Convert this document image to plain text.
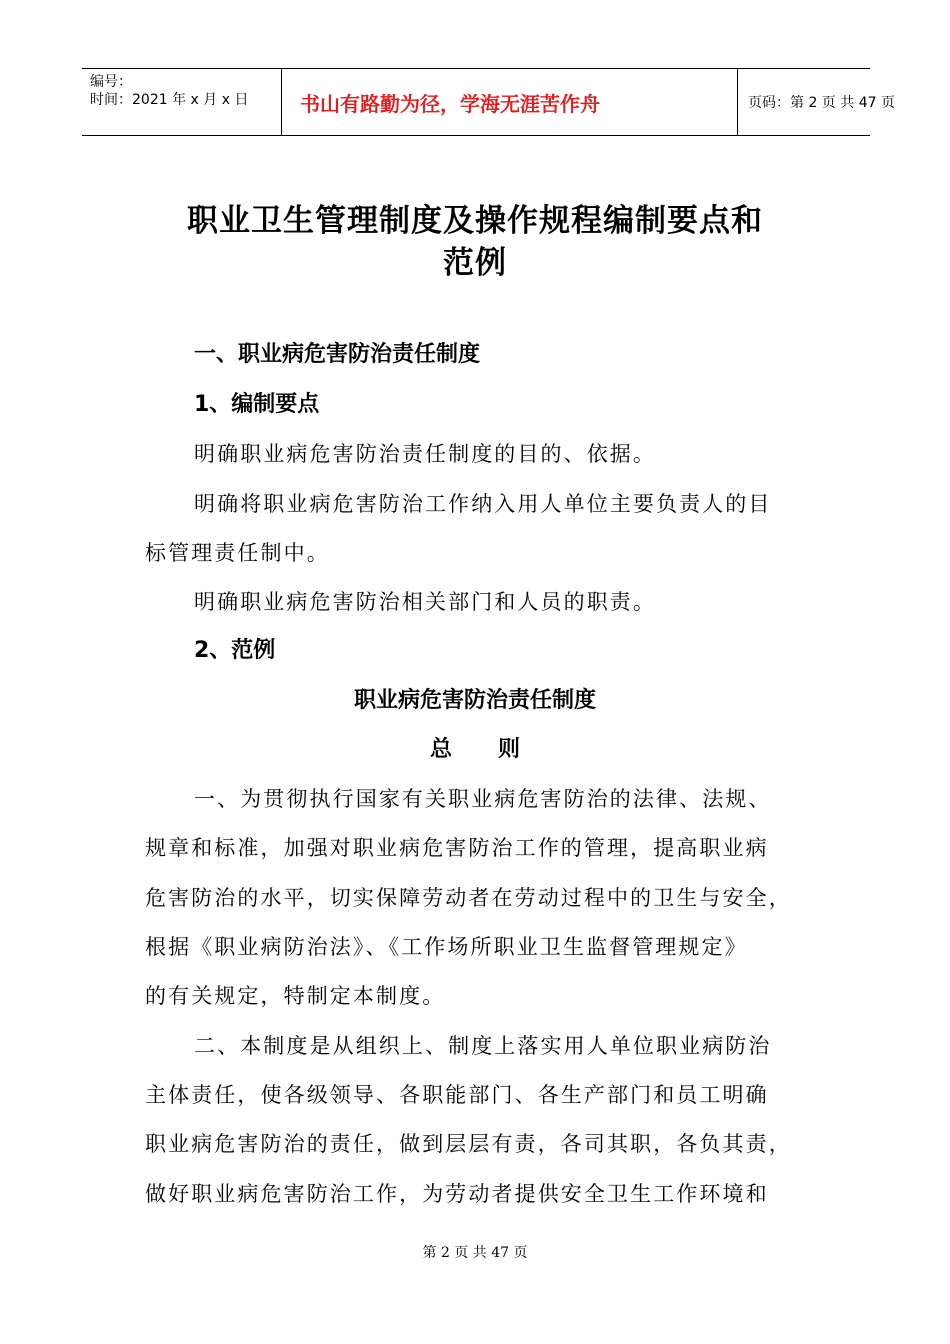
编号：
时间：2021 年 x 月 x 日	书山有路勤为径，学海无涯苦作舟	页码：第 2 页 共 47 页
职业卫生管理制度及操作规程编制要点和
范例
一、职业病危害防治责任制度
1、编制要点
明确职业病危害防治责任制度的目的、依据。
明确将职业病危害防治工作纳入用人单位主要负责人的目
标管理责任制中。
明确职业病危害防治相关部门和人员的职责。
2、范例
职业病危害防治责任制度
总      则
一、为贯彻执行国家有关职业病危害防治的法律、法规、
规章和标准，加强对职业病危害防治工作的管理，提高职业病
危害防治的水平，切实保障劳动者在劳动过程中的卫生与安全，
根据《职业病防治法》、《工作场所职业卫生监督管理规定》
的有关规定，特制定本制度。
二、本制度是从组织上、制度上落实用人单位职业病防治
主体责任，使各级领导、各职能部门、各生产部门和员工明确
职业病危害防治的责任，做到层层有责，各司其职，各负其责，
做好职业病危害防治工作，为劳动者提供安全卫生工作环境和
第 2 页 共 47 页
